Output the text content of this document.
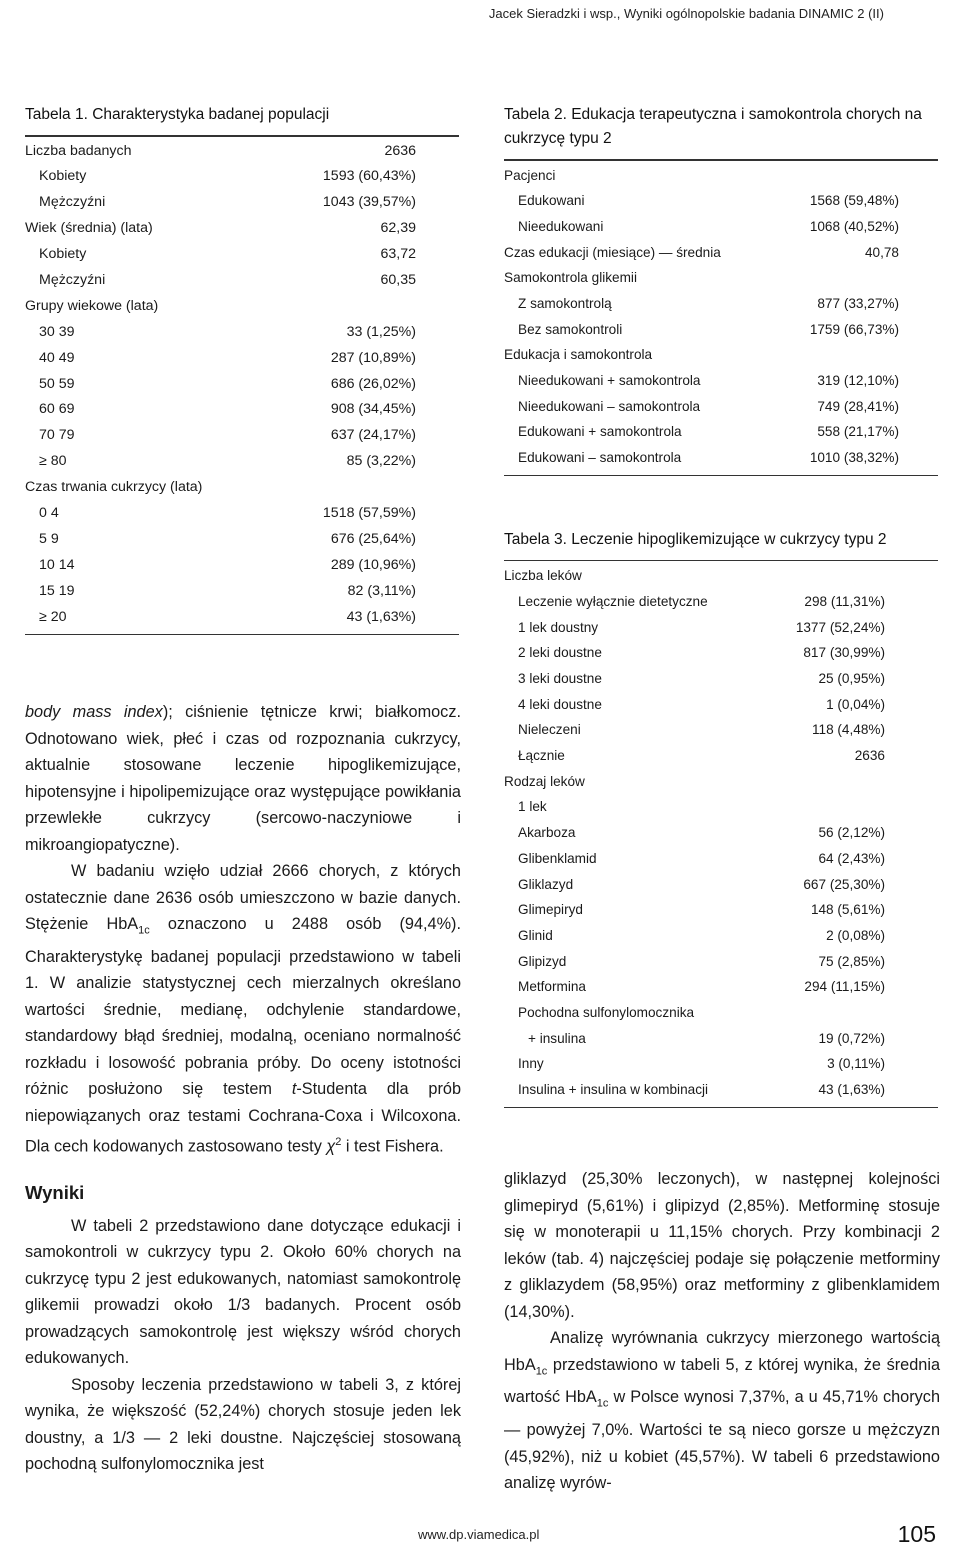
Jacek Sieradzki i wsp., Wyniki ogólnopolskie badania DINAMIC 2 (II)
Tabela 1. Charakterystyka badanej populacji
Liczba badanych	2636
Kobiety	1593 (60,43%)
Mężczyźni	1043 (39,57%)
Wiek (średnia) (lata)	62,39
Kobiety	63,72
Mężczyźni	60,35
Grupy wiekowe (lata)
30 39	33 (1,25%)
40 49	287 (10,89%)
50 59	686 (26,02%)
60 69	908 (34,45%)
70 79	637 (24,17%)
≥ 80	85 (3,22%)
Czas trwania cukrzycy (lata)
0 4	1518 (57,59%)
5 9	676 (25,64%)
10 14	289 (10,96%)
15 19	82 (3,11%)
≥ 20	43 (1,63%)

body mass index); ciśnienie tętnicze krwi; białkomocz. Odnotowano wiek, płeć i czas od rozpoznania cukrzycy, aktualnie stosowane leczenie hipoglikemizujące, hipotensyjne i hipolipemizujące oraz występujące powikłania przewlekłe cukrzycy (sercowo-naczyniowe i mikroangiopatyczne).

W badaniu wzięło udział 2666 chorych, z których ostatecznie dane 2636 osób umieszczono w bazie danych. Stężenie HbA$_{1c}$ oznaczono u 2488 osób (94,4%). Charakterystykę badanej populacji przedstawiono w tabeli 1. W analizie statystycznej cech mierzalnych określano wartości średnie, medianę, odchylenie standardowe, standardowy błąd średniej, modalną, oceniano normalność rozkładu i losowość pobrania próby. Do oceny istotności różnic posłużono się testem t-Studenta dla prób niepowiązanych oraz testami Cochrana-Coxa i Wilcoxona. Dla cech kodowanych zastosowano testy $\chi^2$ i test Fishera.

Wyniki

W tabeli 2 przedstawiono dane dotyczące edukacji i samokontroli w cukrzycy typu 2. Około 60% chorych na cukrzycę typu 2 jest edukowanych, natomiast samokontrolę glikemii prowadzi około 1/3 badanych. Procent osób prowadzących samokontrolę jest większy wśród chorych edukowanych.

Sposoby leczenia przedstawiono w tabeli 3, z której wynika, że większość (52,24%) chorych stosuje jeden lek doustny, a 1/3 — 2 leki doustne. Najczęściej stosowaną pochodną sulfonylomocznika jest

Tabela 2. Edukacja terapeutyczna i samokontrola chorych na cukrzycę typu 2
Pacjenci
Edukowani	1568 (59,48%)
Nieedukowani	1068 (40,52%)
Czas edukacji (miesiące) — średnia	40,78
Samokontrola glikemii
Z samokontrolą	877 (33,27%)
Bez samokontroli	1759 (66,73%)
Edukacja i samokontrola
Nieedukowani + samokontrola	319 (12,10%)
Nieedukowani – samokontrola	749 (28,41%)
Edukowani + samokontrola	558 (21,17%)
Edukowani – samokontrola	1010 (38,32%)
Tabela 3. Leczenie hipoglikemizujące w cukrzycy typu 2
Liczba leków
Leczenie wyłącznie dietetyczne	298 (11,31%)
1 lek doustny	1377 (52,24%)
2 leki doustne	817 (30,99%)
3 leki doustne	25 (0,95%)
4 leki doustne	1 (0,04%)
Nieleczeni	118 (4,48%)
Łącznie	2636
Rodzaj leków
1 lek
Akarboza	56 (2,12%)
Glibenklamid	64 (2,43%)
Gliklazyd	667 (25,30%)
Glimepiryd	148 (5,61%)
Glinid	2 (0,08%)
Glipizyd	75 (2,85%)
Metformina	294 (11,15%)
Pochodna sulfonylomocznika
+ insulina	19 (0,72%)
Inny	3 (0,11%)
Insulina + insulina w kombinacji	43 (1,63%)

gliklazyd (25,30% leczonych), w następnej kolejności glimepiryd (5,61%) i glipizyd (2,85%). Metforminę stosuje się w monoterapii u 11,15% chorych. Przy kombinacji 2 leków (tab. 4) najczęściej podaje się połączenie metforminy z gliklazydem (58,95%) oraz metforminy z glibenklamidem (14,30%).

Analizę wyrównania cukrzycy mierzonego wartością HbA$_{1c}$ przedstawiono w tabeli 5, z której wynika, że średnia wartość HbA$_{1c}$ w Polsce wynosi 7,37%, a u 45,71% chorych — powyżej 7,0%. Wartości te są nieco gorsze u mężczyzn (45,92%), niż u kobiet (45,57%). W tabeli 6 przedstawiono analizę wyrów-

www.dp.viamedica.pl	105
